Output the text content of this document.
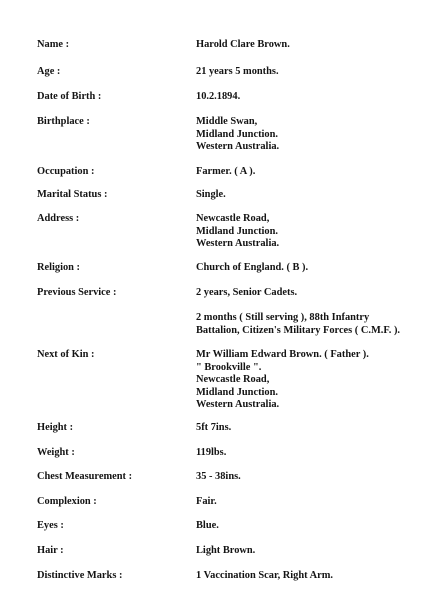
Name :	Harold Clare Brown.
Age :	21 years 5 months.
Date of Birth :	10.2.1894.
Birthplace :	Middle Swan,
Midland Junction.
Western Australia.
Occupation :	Farmer. ( A ).
Marital Status :	Single.
Address :	Newcastle Road,
Midland Junction.
Western Australia.
Religion :	Church of England. ( B ).
Previous Service :	2 years, Senior Cadets.
2 months ( Still serving ), 88th Infantry
Battalion, Citizen's Military Forces ( C.M.F. ).
Next of Kin :	Mr William Edward Brown. ( Father ).
" Brookville ".
Newcastle Road,
Midland Junction.
Western Australia.
Height :	5ft 7ins.
Weight :	119lbs.
Chest Measurement :	35 - 38ins.
Complexion :	Fair.
Eyes :	Blue.
Hair :	Light Brown.
Distinctive Marks :	1 Vaccination Scar, Right Arm.
